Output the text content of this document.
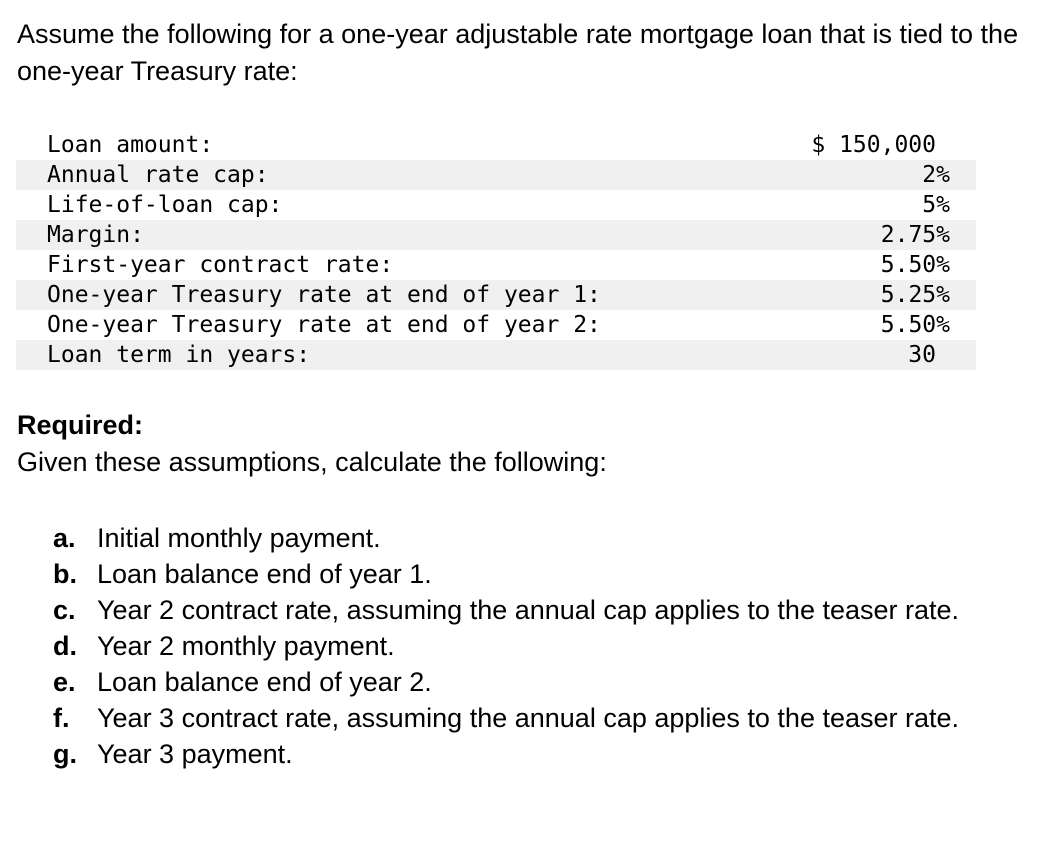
Assume the following for a one-year adjustable rate mortgage loan that is tied to the one-year Treasury rate:

Loan amount:	$ 150,000
Annual rate cap:	2%
Life-of-loan cap:	5%
Margin:	2.75%
First-year contract rate:	5.50%
One-year Treasury rate at end of year 1:	5.25%
One-year Treasury rate at end of year 2:	5.50%
Loan term in years:	30

Required:

Given these assumptions, calculate the following:

a. Initial monthly payment.
b. Loan balance end of year 1.
c. Year 2 contract rate, assuming the annual cap applies to the teaser rate.
d. Year 2 monthly payment.
e. Loan balance end of year 2.
f. Year 3 contract rate, assuming the annual cap applies to the teaser rate.
g. Year 3 payment.
